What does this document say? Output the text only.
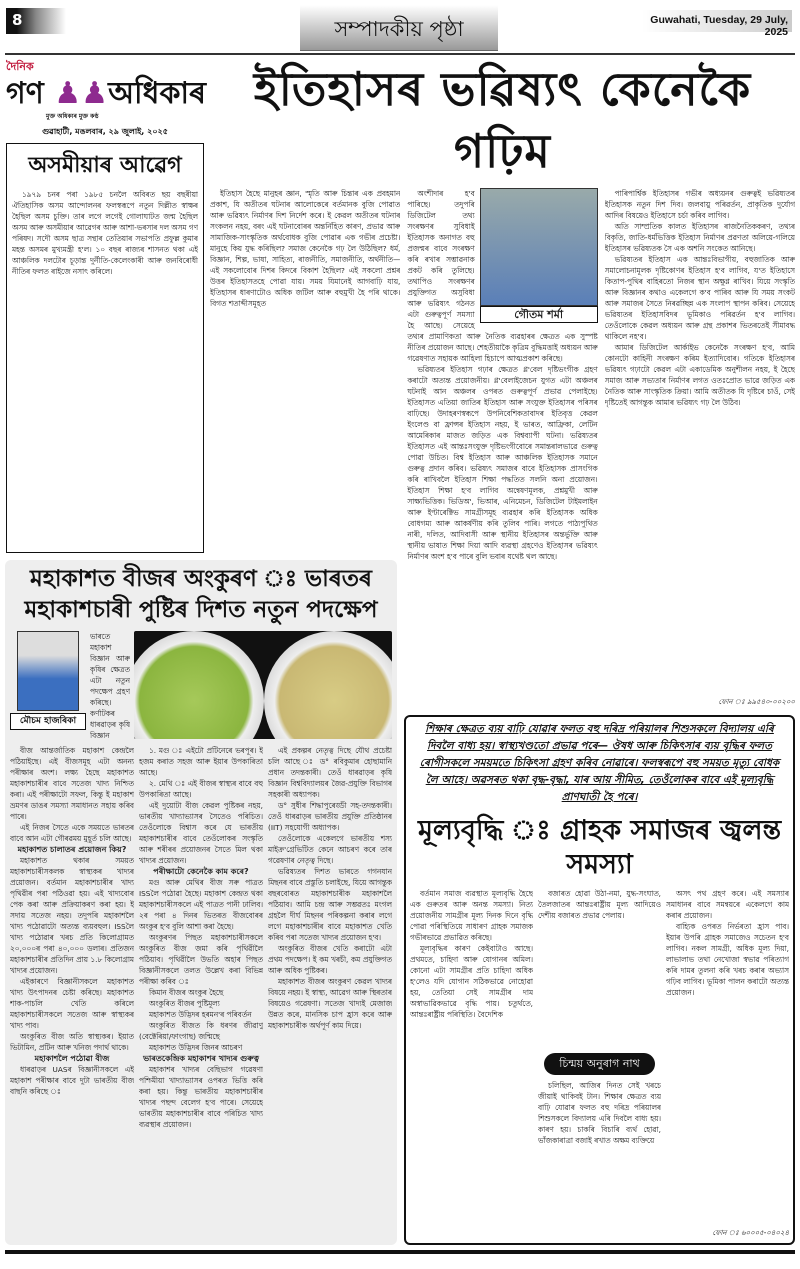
8	সম্পাদকীয় পৃষ্ঠা	Guwahati, Tuesday, 29 July, 2025
দৈনিক
গণ ♟♟অধিকাৰ
মুক্ত অধিকাৰ মুক্ত কণ্ঠ
গুৱাহাটী, মঙলবাৰ, ২৯ জুলাই, ২০২৫
অসমীয়াৰ আৱেগ

১৯৭৯ চনৰ পৰা ১৯৮৫ চনলৈ অবিৰত ছয় বছৰীয়া ঐতিহাসিক অসম আন্দোলনৰ ফলস্বৰূপে নতুন দিল্লীত স্বাক্ষৰ হৈছিল অসম চুক্তি। তাৰ লগে লগেই গোলাঘাটত জন্ম হৈছিল অসম আৰু অসমীয়াৰ আৱেগৰ আৰু আশা-ভৰসাৰ দল অসম গণ পৰিষদ। সদৌ অসম ছাত্ৰ সন্থাৰ তেতিয়াৰ সভাপতি প্ৰফুল্ল কুমাৰ মহন্ত অসমৰ মুখ্যমন্ত্ৰী হ'ল। ১০ বছৰ ৰাজ্যৰ শাসনত থকা এই আঞ্চলিক দলটোৰ চূড়ান্ত দুৰ্নীতি-কেলেংকাৰী আৰু জনবিৰোধী নীতিৰ ফলত ৰাইজে নসাৎ কৰিলে।

ইতিহাসৰ ভৱিষ্যৎ কেনেকৈ গঢ়িম

ইতিহাস হৈছে মানুহৰ জ্ঞান, স্মৃতি আৰু চিন্তাৰ এক প্ৰবহমান প্ৰকাশ, যি অতীতৰ ঘটনাৰ আলোকেৰে বৰ্তমানক বুজি পোৱাত আৰু ভৱিষ্যৎ নিৰ্মাণৰ দিশ নিৰ্দেশ কৰে। ই কেৱল অতীতৰ ঘটনাৰ সংকলন নহয়, বৰং এই ঘটনাবোৰৰ অন্তৰ্নিহিত কাৰণ, প্ৰভাৱ আৰু সামাজিক-সাংস্কৃতিক অৰ্থবোধক বুজি পোৱাৰ এক গভীৰ প্ৰচেষ্টা। মানুহে কিয় যুদ্ধ কৰিছিল? সমাজ কেনেকৈ গঢ় লৈ উঠিছিল? ধৰ্ম, বিজ্ঞান, শিল্প, ভাষা, সাহিত্য, ৰাজনীতি, সমাজনীতি, অৰ্থনীতি— এই সকলোবোৰ দিশৰ কিদৰে বিকাশ হৈছিল? এই সকলো প্ৰশ্নৰ উত্তৰ ইতিহাসতহে পোৱা যায়। সময় যিমানেই আগবাঢ়ি যায়, ইতিহাসৰ ধাৰণাটোও অধিক জটিল আৰু বহুমুখী হৈ পৰি থাকে। বিগত শতাব্দীসমূহত

গৌতম শৰ্মা

অংশীদাৰ হ'ব পাৰিছে। তদুপৰি ডিজিটেল তথ্য সংৰক্ষণৰ সুবিধাই ইতিহাসক অনাগত বহু প্ৰজন্মৰ বাবে সংৰক্ষণ কৰি ৰখাৰ সম্ভাৱনাক প্ৰকট কৰি তুলিছে। তথাপিও সংৰক্ষণৰ প্ৰযুক্তিগত অসুবিধা আৰু ভৱিষ্যৎ গঠনত এটা গুৰুত্বপূৰ্ণ সমস্যা হৈ আছে। সেয়েহে তথ্যৰ প্ৰামাণিকতা আৰু নৈতিক ব্যৱহাৰৰ ক্ষেত্ৰত এক সুস্পষ্ট নীতিৰ প্ৰয়োজন আছে। শেহতীয়াকৈ কৃত্ৰিম বুদ্ধিমত্তাই অধ্যয়ন আৰু গৱেষণাত সহায়ক আহিলা হিচাপে আত্মপ্ৰকাশ কৰিছে।

ভৱিষ্যতৰ ইতিহাস গঢ়াৰ ক্ষেত্ৰত গ্ল'বেল দৃষ্টিভংগীক গ্ৰহণ কৰাটো অত্যন্ত প্ৰয়োজনীয়। গ্ল'বেলাইজেচন যুগত এটা অঞ্চলৰ ঘটনাই আন অঞ্চলৰ ওপৰত গুৰুত্বপূৰ্ণ প্ৰভাৱ পেলাইছে। ইতিহাসত এতিয়া জাতিৰ ইতিহাস আৰু সংযুক্ত ইতিহাসৰ পৰিসৰ বাঢ়িছে। উদাহৰণস্বৰূপে উপনিবেশিকতাবাদৰ ইতিবৃত্ত কেৱল ইংলেণ্ড বা ফ্ৰান্সৰ ইতিহাস নহয়, ই ভাৰত, আফ্ৰিকা, লেটিন আমেৰিকাৰ মাজত জড়িত এক বিশ্বব্যাপী ঘটনা। ভৱিষ্যতৰ ইতিহাসত এই আন্তঃসংযুক্ত দৃষ্টিভংগীবোৰে সমান্তৰালভাৱে গুৰুত্ব পোৱা উচিত। বিশ্ব ইতিহাস আৰু আঞ্চলিক ইতিহাসক সমানে গুৰুত্ব প্ৰদান কৰিব। ভৱিষ্যৎ সমাজৰ বাবে ইতিহাসক প্ৰাসংগিক কৰি ৰাখিবলৈ ইতিহাস শিক্ষা পদ্ধতিত সলনি অনা প্ৰয়োজন। ইতিহাস শিক্ষা হ'ব লাগিব অন্বেষণমূলক, প্ৰশ্নমুখী আৰু সাক্ষ্যভিত্তিক। ভিডিঅ', ভিআৰ, এনিমেচন, ডিজিটেল টাইমলাইন আৰু ইণ্টাৰেক্টিভ সামগ্ৰীসমূহ ব্যৱহাৰ কৰি ইতিহাসক অধিক বোধগম্য আৰু আকৰ্ষণীয় কৰি তুলিব পাৰি। লগতে পাঠ্যপুথিত নাৰী, দলিত, আদিবাসী আৰু স্থানীয় ইতিহাসৰ অন্তৰ্ভুক্তি আৰু স্থানীয় ভাষাত শিক্ষা দিয়া আদি ব্যৱস্থা গ্ৰহণেও ইতিহাসৰ ভৱিষ্যৎ নিৰ্মাণৰ অংশ হ'ব পাৰে বুলি ভবাৰ যথেষ্ট থল আছে।

পাৰিপাৰ্শ্বিক ইতিহাসৰ গভীৰ অধ্যয়নৰ গুৰুত্বই ভৱিষ্যতৰ ইতিহাসক নতুন দিশ দিব। জলবায়ু পৰিৱৰ্তন, প্ৰাকৃতিক দুৰ্যোগ আদিৰ বিষয়েও ইতিহাসে চৰ্চা কৰিব লাগিব।

অতি সাম্প্ৰতিক কালত ইতিহাসৰ ৰাজনৈতিককৰণ, তথ্যৰ বিকৃতি, জাতি-ধৰ্মভিত্তিক ইতিহাস নিৰ্মাণৰ প্ৰৱণতা অলিয়ে-গলিয়ে ইতিহাসৰ ভৱিষ্যতক সৈ এক অশনি সংকেত আনিছে।

ভৱিষ্যতৰ ইতিহাস এক আন্তঃবিভাগীয়, বহুজাতিক আৰু সমালোচনামূলক দৃষ্টিকোণৰ ইতিহাস হ'ব লাগিব, য'ত ইতিহাসে কিতাপ-পুথিৰ বাহিৰতো নিজৰ স্থান অক্ষুণ্ণ ৰাখিব। যিয়ে সংস্কৃতি আৰু বিজ্ঞানৰ কথাও একেলগে ক'ব পাৰিব আৰু যি সময় সংকট আৰু সমাজৰ সৈতে নিৰৱচ্ছিন্ন এক সংলাপ স্থাপন কৰিব। সেয়েহে ভৱিষ্যতৰ ইতিহাসবিদৰ ভূমিকাও পৰিৱৰ্তন হ'ব লাগিব। তেওঁলোকে কেৱল অধ্যয়ন আৰু গ্ৰন্থ প্ৰকাশৰ ভিতৰতেই সীমাবদ্ধ থাকিলে নহ'ব।

আমাৰ ডিজিটেল আৰ্কাইভ কেনেকৈ সংৰক্ষণ হ'ব, আমি কোনটো কাহিনী সংৰক্ষণ কৰিম ইত্যাদিবোৰ। গতিকে ইতিহাসৰ ভৱিষ্যৎ গঢ়াটো কেৱল এটা একাডেমিক অনুশীলন নহয়, ই হৈছে সমাজ আৰু সভ্যতাৰ নিৰ্মাণৰ লগত ওতঃপ্ৰোত ভাৱে জড়িত এক নৈতিক আৰু সাংস্কৃতিক ক্ৰিয়া। আমি অতীতক যি দৃষ্টিৰে চাওঁ, সেই দৃষ্টিতেই আগন্তুক আমাৰ ভৱিষ্যৎ গঢ় লৈ উঠিব।

ফোন ঃ ৯৯৫৪০-০০২০০
মহাকাশত বীজৰ অংকুৰণ ঃ ভাৰতৰ মহাকাশচাৰী পুষ্টিৰ দিশত নতুন পদক্ষেপ
মৌচম হাজৰিকা
ভাৰতে মহাকাশ বিজ্ঞান আৰু কৃষিৰ ক্ষেত্ৰত এটা নতুন পদক্ষেপ গ্ৰহণ কৰিছে। কৰ্ণাটকৰ ধাৰৱাড়ৰ কৃষি বিজ্ঞান

বীজ আন্তৰ্জাতিক মহাকাশ কেন্দ্ৰলৈ পঠিয়াইছে। এই বীজসমূহ এটা অনন্য পৰীক্ষাৰ অংশ। লক্ষ্য হৈছে মহাকাশত মহাকাশচাৰীৰ বাবে সতেজ খাদ্য নিশ্চিত কৰা। এই পৰীক্ষাটো সফল, কিন্তু ই মহাকাশ ভ্ৰমণৰ ডাঙৰ সমস্যা সমাধানত সহায় কৰিব পাৰে।

এই নিজৰ সৈতে একে সময়তে ভাৰতৰ বাবে আন এটা গৌৰৱময় মুহূৰ্ত চলি আছে।

মহাকাশত চালাতৰ প্ৰয়োজন কিয়?

মহাকাশত থকাৰ সময়ত মহাকাশচাৰীসকলক স্বাস্থ্যকৰ খাদ্যৰ প্ৰয়োজন। বৰ্তমান মহাকাশচাৰীৰ খাদ্য পৃথিৱীৰ পৰা পঠিওৱা হয়। এই খাদ্যবোৰ পেক কৰা আৰু প্ৰক্ৰিয়াকৰণ কৰা হয়। ই সদায় সতেজ নহয়। তদুপৰি মহাকাশলৈ খাদ্য পঠোৱাটো অত্যন্ত ব্যয়বহুল। ISSলৈ খাদ্য পঠোৱাৰ খৰচ প্ৰতি কিলোগ্ৰামত ২০,০০০ৰ পৰা ৪০,০০০ ডলাৰ। প্ৰতিজন মহাকাশচাৰীৰ প্ৰতিদিন প্ৰায় ১.৮ কিলোগ্ৰাম খাদ্যৰ প্ৰয়োজন।

এইকাৰণে বিজ্ঞানীসকলে মহাকাশত খাদ্য উৎপাদনৰ চেষ্টা কৰিছে। মহাকাশত শাক-পাচলি খেতি কৰিলে মহাকাশচাৰীসকলে সতেজ আৰু স্বাস্থ্যকৰ খাদ্য পাব।

অংকুৰিত বীজ অতি স্বাস্থ্যকৰ। ইয়াত ভিটামিন, প্ৰটিন আৰু খনিজ পদাৰ্থ থাকে।

মহাকাশলৈ পঠোৱা বীজ

ধাৰৱাড়ৰ UASৰ বিজ্ঞানীসকলে এই মহাকাশ পৰীক্ষাৰ বাবে দুটা ভাৰতীয় বীজ বাছনি কৰিছে ঃ

১. মগু ঃ এইটো প্ৰটিনেৰে ভৰপূৰ। ই হজম কৰাত সহজ আৰু ইয়াৰ উপকাৰিতা আছে।

২. মেথি ঃ এই বীজৰ স্বাস্থ্যৰ বাবে বহু উপকাৰিতা আছে।

এই দুয়োটা বীজ কেৱল পুষ্টিকৰ নহয়, ভাৰতীয় খাদ্যাভ্যাসৰ সৈতেও পৰিচিত। তেওঁলোকে বিশ্বাস কৰে যে ভাৰতীয় মহাকাশচাৰীৰ বাবে তেওঁলোকৰ সংস্কৃতি আৰু শৰীৰৰ প্ৰয়োজনৰ সৈতে মিল থকা খাদ্যৰ প্ৰয়োজন।

পৰীক্ষাটো কেনেকৈ কাম কৰে?

মগু আৰু মেথিৰ বীজ সৰু পাত্ৰত ISSলৈ পঠোৱা হৈছে। মহাকাশ কেন্দ্ৰত থকা মহাকাশচাৰীসকলে এই পাত্ৰত পানী ঢালিব। ২ৰ পৰা ৪ দিনৰ ভিতৰত বীজবোৰৰ অংকুৰ হ'ব বুলি আশা কৰা হৈছে।

অংকুৰণৰ পিছত মহাকাশচাৰীসকলে অংকুৰিত বীজ জমা কৰি পৃথিৱীলৈ পঠিয়াব। পৃথিৱীলৈ উভতি অহাৰ পিছত বিজ্ঞানীসকলে তলত উল্লেখ কৰা বিভিন্ন পৰীক্ষা কৰিব ঃ

কিমান বীজৰ অংকুৰ হৈছে

অংকুৰিত বীজৰ পুষ্টিমূল্য

মহাকাশত উদ্ভিদৰ হৰমন'ৰ পৰিবৰ্তন

অংকুৰিত বীজত কি ধৰণৰ জীৱাণু (বেক্টেৰিয়া/ফাংগাছ) জন্মিছে

মহাকাশত উদ্ভিদৰ জিনৰ আচৰণ

ভাৰতকেন্দ্ৰিক মহাকাশৰ খাদ্যৰ গুৰুত্ব

মহাকাশৰ খাদ্যৰ বেছিভাগ গৱেষণা পশ্চিমীয়া খাদ্যাভ্যাসৰ ওপৰত ভিত্তি কৰি কৰা হয়। কিন্তু ভাৰতীয় মহাকাশচাৰীৰ খাদ্যৰ পছন্দ বেলেগ হ'ব পাৰে। সেয়েহে ভাৰতীয় মহাকাশচাৰীৰ বাবে পৰিচিত খাদ্য ব্যৱস্থাৰ প্ৰয়োজন।

এই প্ৰকল্পৰ নেতৃত্ব দিছে যৌথ প্ৰচেষ্টা চলি আছে ঃ ড° ৰবিকুমাৰ হোছামানি প্ৰধান তদন্তকাৰী। তেওঁ ধাৰৱাড়ৰ কৃষি বিজ্ঞান বিশ্ববিদ্যালয়ৰ জৈৱ-প্ৰযুক্তি বিভাগৰ সহকাৰী অধ্যাপক।

ড° সুধীৰ শিদ্ধাপুৰেড্ডী সহ-তদন্তকাৰী। তেওঁ ধাৰৱাড়ৰ ভাৰতীয় প্ৰযুক্তি প্ৰতিষ্ঠানৰ (IIT) সহযোগী অধ্যাপক।

তেওঁলোকে একেলগে ভাৰতীয় শস্য মাইক্ৰ'গ্ৰেভিটিত কেনে আচৰণ কৰে তাৰ গৱেষণাৰ নেতৃত্ব দিছে।

ভৱিষ্যতৰ দিশত ভাৰতে গগনযান মিছনৰ বাবে প্ৰস্তুতি চলাইছে, যিয়ে আগন্তুক বছৰবোৰত মহাকাশচাৰীক মহাকাশলৈ পঠিয়াব। আমি চন্দ্ৰ আৰু সম্ভৱতঃ মংগল গ্ৰহলৈ দীৰ্ঘ মিছনৰ পৰিকল্পনা কৰাৰ লগে লগে মহাকাশচাৰীৰ বাবে মহাকাশত খেতি কৰিব পৰা সতেজ খাদ্যৰ প্ৰয়োজন হ'ব।

অংকুৰিত বীজৰ খেতি কৰাটো এটা প্ৰথম পদক্ষেপ। ই কম খৰচী, কম প্ৰযুক্তিগত আৰু অধিক পুষ্টিকৰ।

মহাকাশত বীজৰ অংকুৰণ কেৱল খাদ্যৰ বিষয়ে নহয়। ই স্বাস্থ্য, আৱেগ আৰু স্থিৰতাৰ বিষয়েও গৱেষণা। সতেজ খাদ্যই মেজাজ উন্নত কৰে, মানসিক চাপ হ্ৰাস কৰে আৰু মহাকাশচাৰীক অৰ্থপূৰ্ণ কাম দিয়ে।

শিক্ষাৰ ক্ষেত্ৰত ব্যয় বাঢ়ি যোৱাৰ ফলত বহু দৰিদ্ৰ পৰিয়ালৰ শিশুসকলে বিদ্যালয় এৰি দিবলৈ বাধ্য হয়। স্বাস্থ্যখণ্ডতো প্ৰভাৱ পৰে— ঔষধ আৰু চিকিৎসাৰ ব্যয় বৃদ্ধিৰ ফলত ৰোগীসকলে সময়মতে চিকিৎসা গ্ৰহণ কৰিব নোৱাৰে। ফলস্বৰূপে বহু সময়ত মৃত্যু বোধক লৈ আহে। অৱসৰত থকা বৃদ্ধ-বৃদ্ধা, যাৰ আয় সীমিত, তেওঁলোকৰ বাবে এই মূল্যবৃদ্ধি প্ৰাণঘাতী হৈ পৰে।
মূল্যবৃদ্ধি ঃ গ্ৰাহক সমাজৰ জ্বলন্ত সমস্যা

বৰ্তমান সমাজ ব্যৱস্থাত মূল্যবৃদ্ধি হৈছে এক গুৰুতৰ আৰু অনন্ত সমস্যা। নিত্য প্ৰয়োজনীয় সামগ্ৰীৰ মূল্য দিনক দিনে বৃদ্ধি পোৱা পৰিস্থিতিয়ে সাধাৰণ গ্ৰাহক সমাজক গভীৰভাৱে প্ৰভাৱিত কৰিছে।

মূল্যবৃদ্ধিৰ কাৰণ কেইবাটাও আছে। প্ৰথমতে, চাহিদা আৰু যোগানৰ অমিল। কোনো এটা সামগ্ৰীৰ প্ৰতি চাহিদা অধিক হ'লেও যদি যোগান সঠিকভাৱে নোহোৱা হয়, তেতিয়া সেই সামগ্ৰীৰ দাম অস্বাভাৱিকভাৱে বৃদ্ধি পায়। চতুৰ্থতে, আন্তঃৰাষ্ট্ৰীয় পৰিস্থিতি। বৈদেশিক

বজাৰত হোৱা উঠা-নমা, যুদ্ধ-সংঘাত, তৈলজাতৰ আন্তঃৰাষ্ট্ৰীয় মূল্য আদিয়েও দেশীয় বজাৰত প্ৰভাৱ পেলায়।

চিন্ময় অনুৰাগ নাথ

চলিছিল, আজিৰ দিনত সেই খৰচে জীয়াই থাকিবই টান। শিক্ষাৰ ক্ষেত্ৰত ব্যয় বাঢ়ি যোৱাৰ ফলত বহু দৰিদ্ৰ পৰিয়ালৰ শিশুসকলে বিদ্যালয় এৰি দিবলৈ বাধ্য হয়। কাৰণ হয়। চাকৰি বিচাৰি ব্যৰ্থ হোৱা, ভাঁজকাৰাত্ৰা বজাই ৰখাত অক্ষম ব্যক্তিয়ে

অসৎ পথ গ্ৰহণ কৰে। এই সমস্যাৰ সমাধানৰ বাবে সমন্বয়ৰে একেলগে কাম কৰাৰ প্ৰয়োজন।

বাহ্যিক ওপৰত নিৰ্ভৰতা হ্ৰাস পাব। ইয়াৰ উপৰি গ্ৰাহক সমাজেও সচেতন হ'ব লাগিব। নকল সামগ্ৰী, অধিক মূল্য দিয়া, লাভালাভ তথা নেখোজা স্বভাৱ পৰিত্যাগ কৰি দামৰ তুলনা কৰি খৰচ কৰাৰ অভ্যাস গঢ়িব লাগিব। ভূমিকা পালন কৰাটো অত্যন্ত প্ৰয়োজন।

ফোন ঃ ৬০০০৫-০৪০২৪
